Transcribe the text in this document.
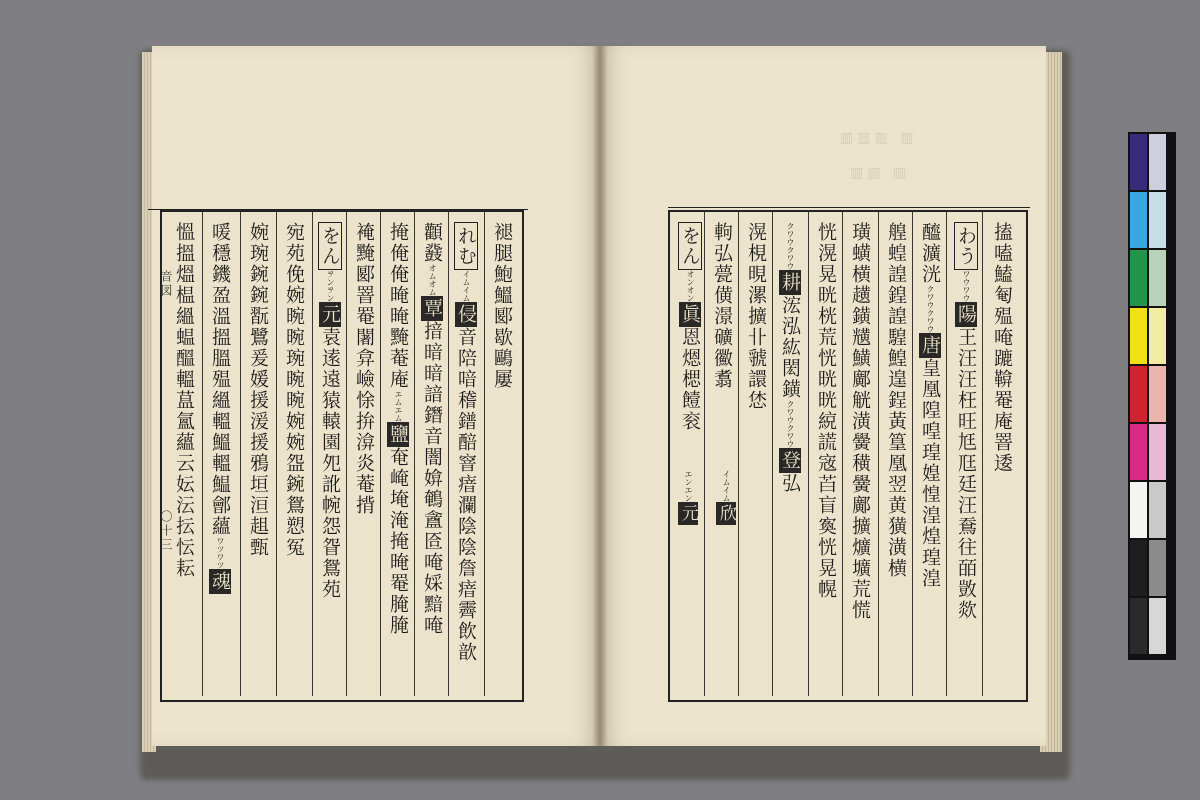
▥▥▥ ▥
▥▥ ▥
褪腿鮑鰮郾歇鷗屢
れむイムイム侵音陪喑稽鐠醅窨瘖瀾陰陰詹瘖霽飲歆
顴鼗オムオム覃揞暗暗諳鐕音闇媕鵪盦匼唵婇黯唵
掩俺俺晻晻黤菴庵エムエム鹽奄崦埯淹掩晻罨腌腌
裺黤郾罯罨闍弇嶮悇拚渰炎菴揹
をんヲンヲン元袁逺遠猿轅園夗訛帵怨眢鴛苑
宛苑俛婉晼晼琬晼晼婉婉盌鋺鴛愬冤
婉琬鋺鋺翫鷺爰媛援湲援鴉垣洹趄甄
喛穩鐖盈溫搵膃殟縕轀鰮轀鰛鄶蘊ワツワツ魂
慍搵熅榅縕蝹醞轀蒀氳蘊云妘沄抎忶耘
音図
〇十三
搕嗑鰪匎殟唵蹗鞥罨庵罯逶
わうワウワウ陽王汪汪枉旺尪尫廷汪鴌往皕敳欻
醯瀇洸クワウクワウ唐皇凰隍喤瑝媓惶湟煌瑝湟
艎蝗諻鍠諻騜鰉遑鋥黃篁凰翌黄獚潢横
璜蟥横趪鐄黋鱑鄺觥潢黌穔黌鄺擴爌壙荒慌
恍滉晃晄桄荒恍晄晄綂謊宼苩盲寏恍晃幌
クワウクワウ耕浤泓紘閎鐄クワウクワウ登弘
滉梘晛漯擴卝虢譞恷
軥弘甍僙澋礦鰴翥
をんオンオン眞恩煾楒饐衮
イムイム欣
エンエン元
